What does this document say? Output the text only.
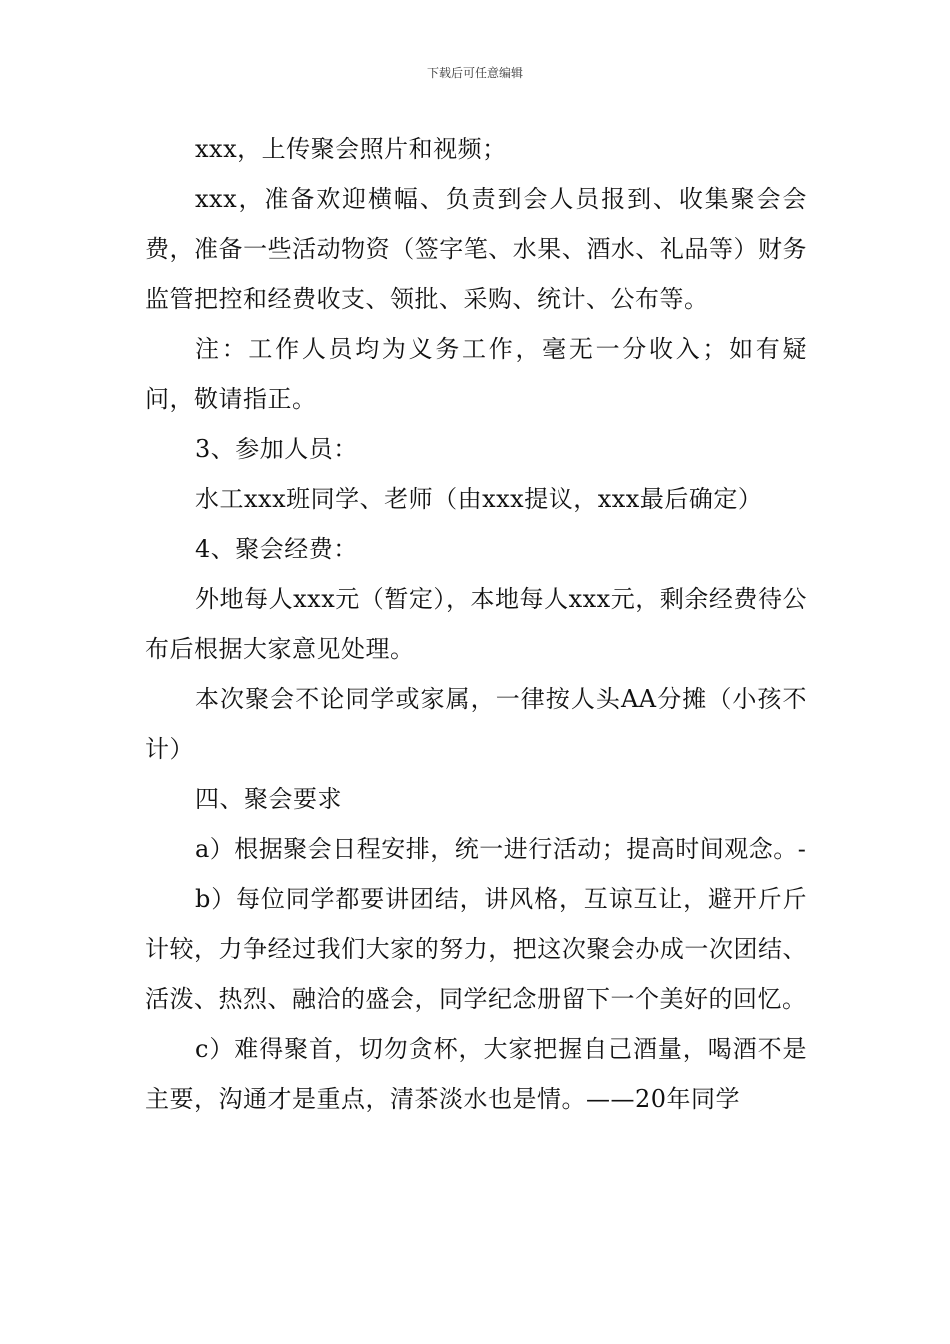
下载后可任意编辑

xxx，上传聚会照片和视频；

xxx，准备欢迎横幅、负责到会人员报到、收集聚会会费，准备一些活动物资（签字笔、水果、酒水、礼品等）财务监管把控和经费收支、领批、采购、统计、公布等。

注：工作人员均为义务工作，毫无一分收入；如有疑问，敬请指正。

3、参加人员：

水工xxx班同学、老师（由xxx提议，xxx最后确定）

4、聚会经费：

外地每人xxx元（暂定），本地每人xxx元，剩余经费待公布后根据大家意见处理。

本次聚会不论同学或家属，一律按人头AA分摊（小孩不计）

四、聚会要求

a）根据聚会日程安排，统一进行活动；提高时间观念。-

b）每位同学都要讲团结，讲风格，互谅互让，避开斤斤计较，力争经过我们大家的努力，把这次聚会办成一次团结、活泼、热烈、融洽的盛会，同学纪念册留下一个美好的回忆。

c）难得聚首，切勿贪杯，大家把握自己酒量，喝酒不是主要，沟通才是重点，清茶淡水也是情。——20年同学
